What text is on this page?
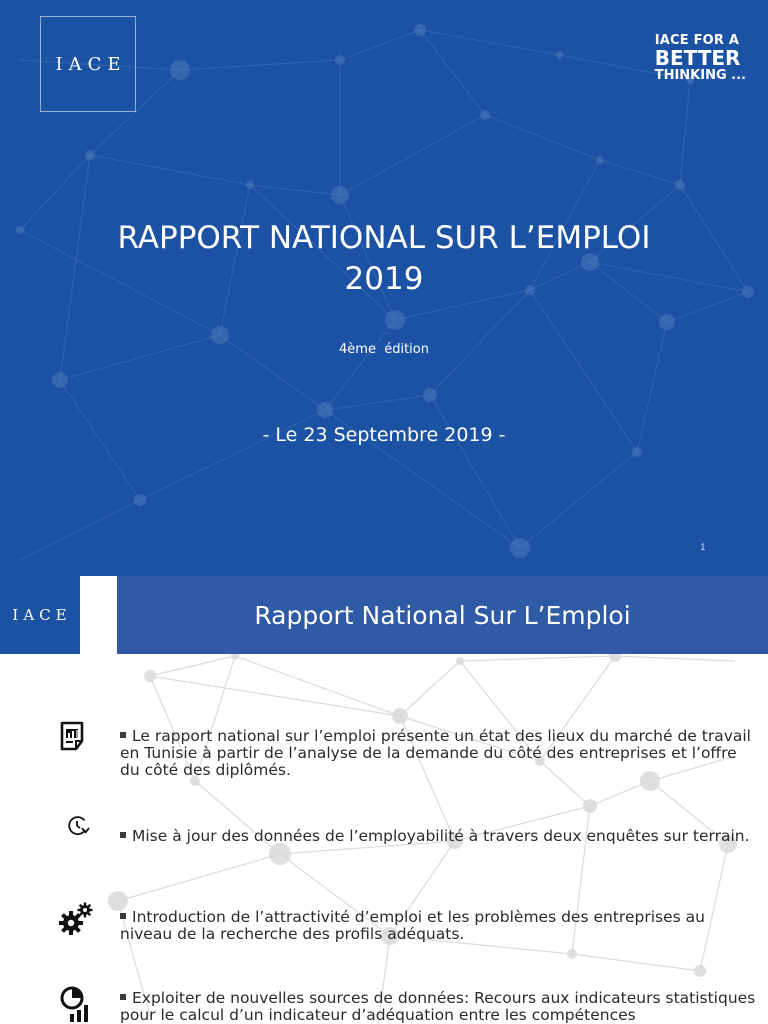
IACE
IACE FOR A
BETTER
THINKING ...
RAPPORT NATIONAL SUR L’EMPLOI
2019
4ème  édition
- Le 23 Septembre 2019 -
1
IACE	Rapport National Sur L’Emploi
Le rapport national sur l’emploi présente un état des lieux du marché de travail en Tunisie à partir de l’analyse de la demande du côté des entreprises et l’offre du côté des diplômés.
Mise à jour des données de l’employabilité à travers deux enquêtes sur terrain.
Introduction de l’attractivité d’emploi et les problèmes des entreprises au niveau de la recherche des profils adéquats.
Exploiter de nouvelles sources de données: Recours aux indicateurs statistiques pour le calcul d’un indicateur d’adéquation entre les compétences
